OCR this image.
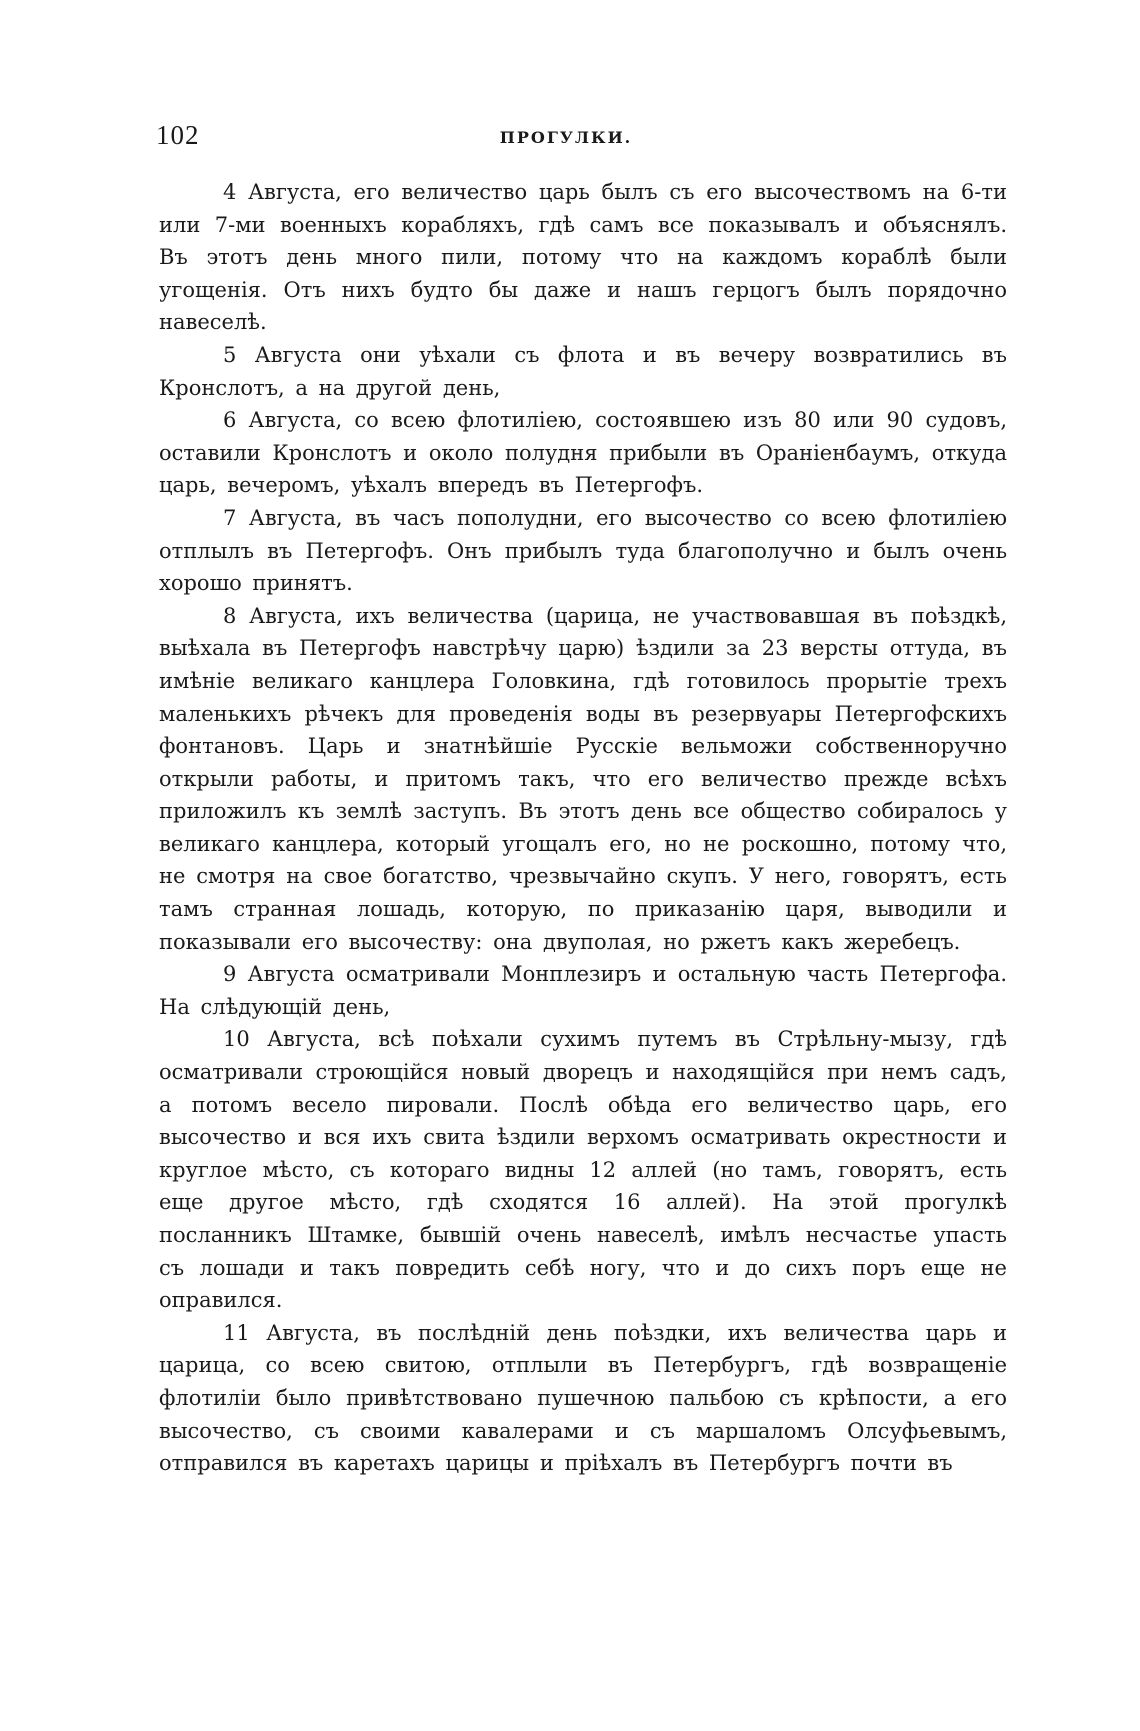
102	ПРОГУЛКИ.

4 Августа, его величество царь былъ съ его высочествомъ на 6-ти или 7-ми военныхъ корабляхъ, гдѣ самъ все показывалъ и объяснялъ. Въ этотъ день много пили, потому что на каждомъ кораблѣ были угощенія. Отъ нихъ будто бы даже и нашъ герцогъ былъ порядочно навеселѣ.

5 Августа они уѣхали съ флота и въ вечеру возвратились въ Кронслотъ, а на другой день,

6 Августа, со всею флотиліею, состоявшею изъ 80 или 90 судовъ, оставили Кронслотъ и около полудня прибыли въ Ораніенбаумъ, откуда царь, вечеромъ, уѣхалъ впередъ въ Петергофъ.

7 Августа, въ часъ пополудни, его высочество со всею флотиліею отплылъ въ Петергофъ. Онъ прибылъ туда благополучно и былъ очень хорошо принятъ.

8 Августа, ихъ величества (царица, не участвовавшая въ поѣздкѣ, выѣхала въ Петергофъ навстрѣчу царю) ѣздили за 23 версты оттуда, въ имѣніе великаго канцлера Головкина, гдѣ готовилось прорытіе трехъ маленькихъ рѣчекъ для проведенія воды въ резервуары Петергофскихъ фонтановъ. Царь и знатнѣйшіе Русскіе вельможи собственноручно открыли работы, и притомъ такъ, что его величество прежде всѣхъ приложилъ къ землѣ заступъ. Въ этотъ день все общество собиралось у великаго канцлера, который угощалъ его, но не роскошно, потому что, не смотря на свое богатство, чрезвычайно скупъ. У него, говорятъ, есть тамъ странная лошадь, которую, по приказанію царя, выводили и показывали его высочеству: она двуполая, но ржетъ какъ жеребецъ.

9 Августа осматривали Монплезиръ и остальную часть Петергофа. На слѣдующій день,

10 Августа, всѣ поѣхали сухимъ путемъ въ Стрѣльну-мызу, гдѣ осматривали строющійся новый дворецъ и находящійся при немъ садъ, а потомъ весело пировали. Послѣ обѣда его величество царь, его высочество и вся ихъ свита ѣздили верхомъ осматривать окрестности и круглое мѣсто, съ котораго видны 12 аллей (но тамъ, говорятъ, есть еще другое мѣсто, гдѣ сходятся 16 аллей). На этой прогулкѣ посланникъ Штамке, бывшій очень навеселѣ, имѣлъ несчастье упасть съ лошади и такъ повредить себѣ ногу, что и до сихъ поръ еще не оправился.

11 Августа, въ послѣдній день поѣздки, ихъ величества царь и царица, со всею свитою, отплыли въ Петербургъ, гдѣ возвращеніе флотиліи было привѣтствовано пушечною пальбою съ крѣпости, а его высочество, съ своими кавалерами и съ маршаломъ Олсуфьевымъ, отправился въ каретахъ царицы и пріѣхалъ въ Петербургъ почти въ
